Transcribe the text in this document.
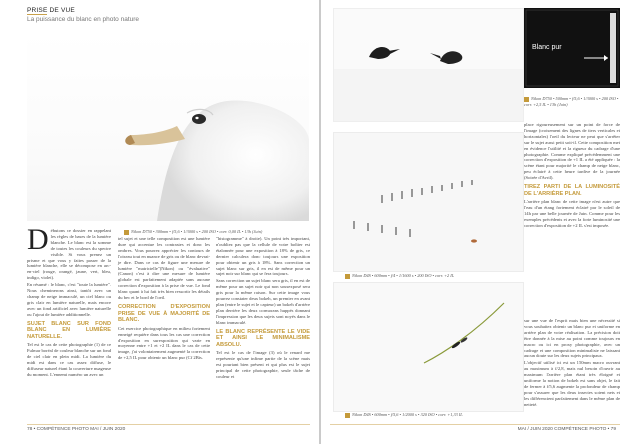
PRISE DE VUE
La puissance du blanc en photo nature
Nikon D750 • 300mm • f/5,6 • 1/3000 s • 200 ISO • corr. 0,00 IL • 13h (Juin)

Débutons ce dossier en rappelant les règles de bases de la lumière blanche. Le blanc est la somme de toutes les couleurs du spectre visible. Si vous prenez un prisme et que vous y faites passer de la lumière blanche, elle se décompose en arc-en-ciel (rouge, orangé, jaune, vert, bleu, indigo, violet).

En résumé : le blanc, c'est "toute la lumière". Nous cheminerons ainsi, tantôt avec un champ de neige immaculé, un ciel blanc ou gris clair en lumière naturelle, mais encore avec un fond artificiel avec lumière naturelle ou l'ajout de lumière additionnelle.

SUJET BLANC SUR FOND BLANC EN LUMIÈRE NATURELLE.

Tel est le cas de cette photographie (1) de ce Fulmar boréal de couleur blanche sur un fond de ciel clair en plein midi. La lumière du midi est dans ce cas assez diffuse, le diffuseur naturel étant la couverture nuageuse du moment. L'ennemi numéro un avec un

tel sujet et une telle composition est une lumière dure qui accentue les contrastes et donc les ombres. Vous pourrez apprécier les contours de l'oiseau tout en nuance de gris ou de blanc devrai-je dire. Dans ce cas de figure une mesure de lumière "matricielle"(Nikon) ou "évaluative"(Canon) c'est à dire une mesure de lumière globale est parfaitement adaptée sans aucune correction d'exposition à la prise de vue. Le fond blanc quant à lui fait très bien ressortir les détails du bec et le bord de l'oeil.

CORRECTION D'EXPOSITION PRISE DE VUE À MAJORITÉ DE BLANC.

Cet exercice photographique en milieu fortement enneigé requière dans tous les cas une correction d'exposition en surexposition qui varie en moyenne entre +1 et +2 IL dans le cas de cette image, j'ai volontairement augmenté la correction de +2,5 IL pour obtenir un blanc pur (Cf 2Bis.

"histogramme" à droite). Un point très important, n'oubliez pas que la cellule de votre boîtier est étalonnée pour une exposition à 18% de gris, ce dernier calculera donc toujours une exposition pour obtenir un gris à 18%. Sans correction un sujet blanc sur gris, il en est de même pour un sujet noir sur blanc qui se fera toujours.

Sans correction un sujet blanc sera gris, il en est de même pour un sujet noir qui non sousexposé sera gris pour la même raison. Sur cette image vous pourrez constater deux bokeh, un premier en avant plan (entre le sujet et le capteur) un bokeh d'arrière plan derrière les deux cormorans huppés donnant l'impression que les deux sujets sont noyés dans le blanc immaculé.

LE BLANC REPRÉSENTE LE VIDE ET AINSI LE MINIMALISME ABSOLU.

Tel est le cas de l'image (3) où le renard me représente qu'une infime partie de la scène mais est pourtant bien présent et qui plus est le sujet principal de cette photographie, seule tâche de couleur et

78 • COMPÉTENCE PHOTO MAI / JUIN 2020
Blanc pur
Nikon D750 • 500mm • f/5,6 • 1/3000 s • 200 ISO • corr. +2,5 IL • 13h (Juin)
Nikon D4S • 600mm • f/4 • 1/1600 s • 200 ISO • corr. +2 IL
Nikon D4S • 600mm • f/5,6 • 1/2000 s • 320 ISO • corr. +1,33 IL

place rigoureusement sur un point de force de l'image (croisement des lignes de tiers verticales et horizontales) l'oeil du lecteur ne peut que s'arrêter sur le sujet aussi petit soit-il. Cette composition met en évidence l'utilité et la rigueur du cadrage d'une photographie. Comme expliqué précédemment une correction d'exposition de +1 IL a été appliquée : la scène étant pour majorité le champ de neige blanc, peu éclairé à cette heure tardive de la journée (Soirée d'Avril).

TIREZ PARTI DE LA LUMINOSITÉ DE L'ARRIÈRE PLAN.

L'arrière plan blanc de cette image n'est autre que l'eau d'un étang fortement éclairé par le soleil de 14h par une belle journée de Juin. Comme pour les exemples précédents et avec la forte luminosité une correction d'exposition de +2 IL s'est imposée.

sur une vue de l'esprit mais bien une nécessité si vous souhaitez obtenir un blanc pur et uniforme en arrière plan de votre réalisation. La précision doit être donnée à la mise au point comme toujours en macro ou ici en proxy photographie, avec un cadrage et une composition minimaliste ne laissant aucun doute sur les deux sujets principaux.

L'objectif utilisé ici est un 150mm macro ouvrant au maximum à f/2,8, mais nul besoin d'ouvrir au maximum l'arrière plan étant très éloigné et uniforme la notion de bokeh est sans objet, le fait de fermer à f/5,6 augmente la profondeur de champ pour s'assurer que les deux insectes soient nets et les différencient parfaitement dans le même plan de netteté.

MAI / JUIN 2020 COMPÉTENCE PHOTO • 79
